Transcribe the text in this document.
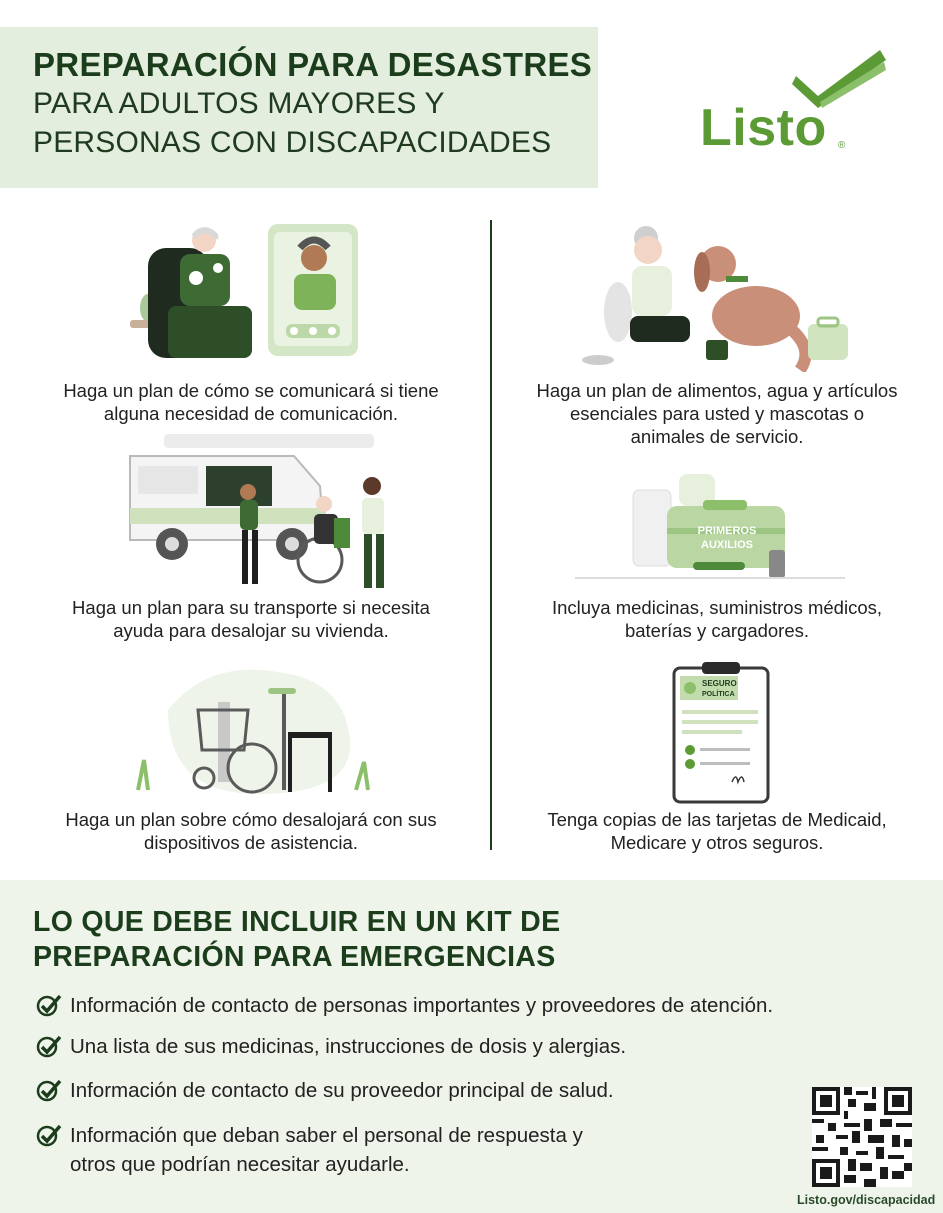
PREPARACIÓN PARA DESASTRES
PARA ADULTOS MAYORES Y
PERSONAS CON DISCAPACIDADES	Listo ®
Haga un plan de cómo se comunicará si tiene
alguna necesidad de comunicación.
Haga un plan de alimentos, agua y artículos
esenciales para usted y mascotas o
animales de servicio.
Haga un plan para su transporte si necesita
ayuda para desalojar su vivienda.
PRIMEROS
AUXILIOS
Incluya medicinas, suministros médicos,
baterías y cargadores.
Haga un plan sobre cómo desalojará con sus
dispositivos de asistencia.
SEGURO
POLÍTICA
Tenga copias de las tarjetas de Medicaid,
Medicare y otros seguros.
LO QUE DEBE INCLUIR EN UN KIT DE
PREPARACIÓN PARA EMERGENCIAS
Información de contacto de personas importantes y proveedores de atención.
Una lista de sus medicinas, instrucciones de dosis y alergias.
Información de contacto de su proveedor principal de salud.
Información que deban saber el personal de respuesta y
otros que podrían necesitar ayudarle.
Listo.gov/discapacidad
